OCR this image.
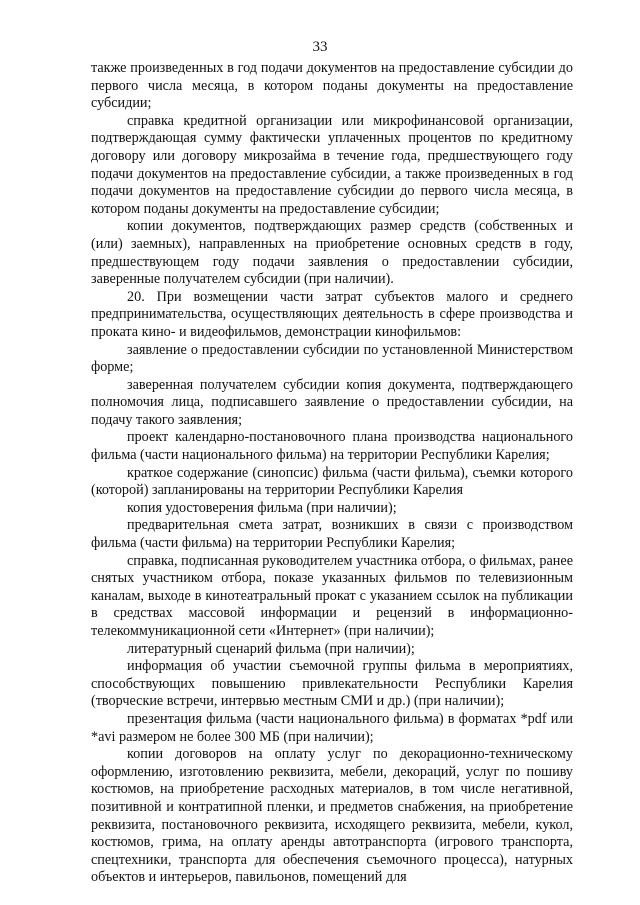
33

также произведенных в год подачи документов на предоставление субсидии до первого числа месяца, в котором поданы документы на предоставление субсидии;

справка кредитной организации или микрофинансовой организации, подтверждающая сумму фактически уплаченных процентов по кредитному договору или договору микрозайма в течение года, предшествующего году подачи документов на предоставление субсидии, а также произведенных в год подачи документов на предоставление субсидии до первого числа месяца, в котором поданы документы на предоставление субсидии;

копии документов, подтверждающих размер средств (собственных и (или) заемных), направленных на приобретение основных средств в году, предшествующем году подачи заявления о предоставлении субсидии, заверенные получателем субсидии (при наличии).

20. При возмещении части затрат субъектов малого и среднего предпринимательства, осуществляющих деятельность в сфере производства и проката кино- и видеофильмов, демонстрации кинофильмов:

заявление о предоставлении субсидии по установленной Министерством форме;

заверенная получателем субсидии копия документа, подтверждающего полномочия лица, подписавшего заявление о предоставлении субсидии, на подачу такого заявления;

проект календарно-постановочного плана производства национального фильма (части национального фильма) на территории Республики Карелия;

краткое содержание (синопсис) фильма (части фильма), съемки которого (которой) запланированы на территории Республики Карелия

копия удостоверения фильма (при наличии);

предварительная смета затрат, возникших в связи с производством фильма (части фильма) на территории Республики Карелия;

справка, подписанная руководителем участника отбора, о фильмах, ранее снятых участником отбора, показе указанных фильмов по телевизионным каналам, выходе в кинотеатральный прокат с указанием ссылок на публикации в средствах массовой информации и рецензий в информационно-телекоммуникационной сети «Интернет» (при наличии);

литературный сценарий фильма (при наличии);

информация об участии съемочной группы фильма в мероприятиях, способствующих повышению привлекательности Республики Карелия (творческие встречи, интервью местным СМИ и др.) (при наличии);

презентация фильма (части национального фильма) в форматах *pdf или *avi размером не более 300 МБ (при наличии);

копии договоров на оплату услуг по декорационно-техническому оформлению, изготовлению реквизита, мебели, декораций, услуг по пошиву костюмов, на приобретение расходных материалов, в том числе негативной, позитивной и контратипной пленки, и предметов снабжения, на приобретение реквизита, постановочного реквизита, исходящего реквизита, мебели, кукол, костюмов, грима, на оплату аренды автотранспорта (игрового транспорта, спецтехники, транспорта для обеспечения съемочного процесса), натурных объектов и интерьеров, павильонов, помещений для
